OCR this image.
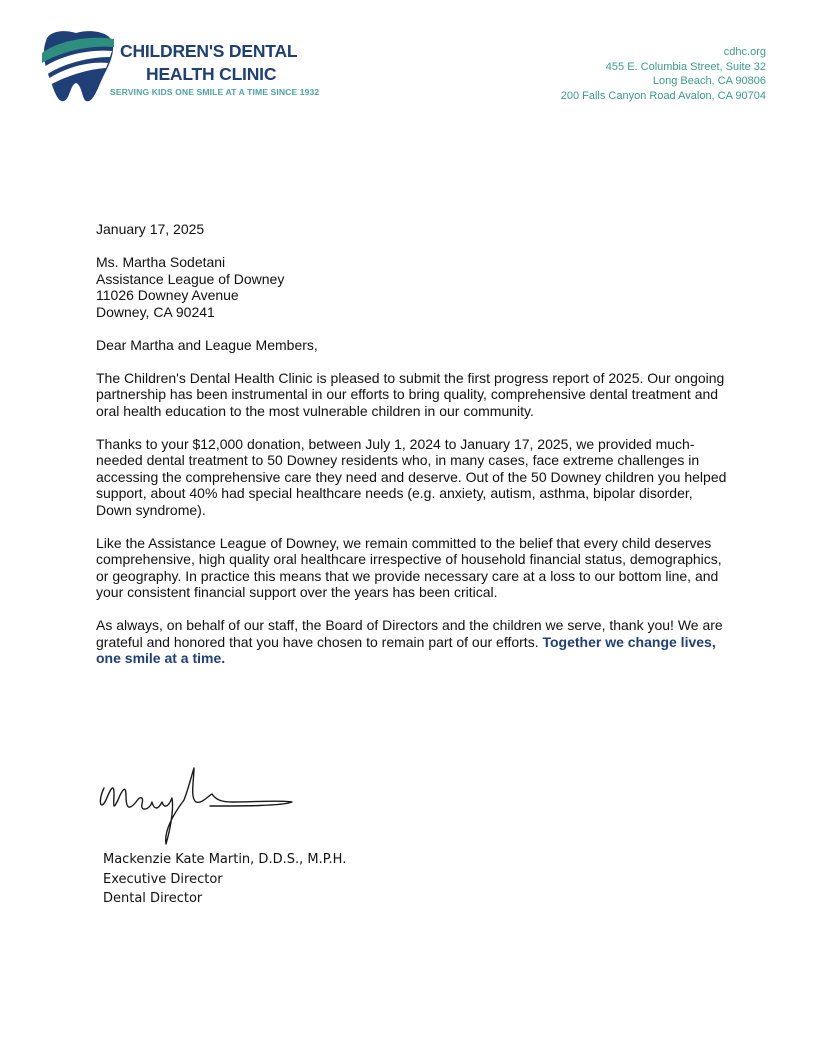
CHILDREN'S DENTAL
HEALTH CLINIC
SERVING KIDS ONE SMILE AT A TIME SINCE 1932
cdhc.org
455 E. Columbia Street, Suite 32
Long Beach, CA 90806
200 Falls Canyon Road Avalon, CA 90704
January 17, 2025

Ms. Martha Sodetani
Assistance League of Downey
11026 Downey Avenue
Downey, CA 90241

Dear Martha and League Members,

The Children's Dental Health Clinic is pleased to submit the first progress report of 2025. Our ongoing partnership has been instrumental in our efforts to bring quality, comprehensive dental treatment and oral health education to the most vulnerable children in our community.

Thanks to your $12,000 donation, between July 1, 2024 to January 17, 2025, we provided much-needed dental treatment to 50 Downey residents who, in many cases, face extreme challenges in accessing the comprehensive care they need and deserve. Out of the 50 Downey children you helped support, about 40% had special healthcare needs (e.g. anxiety, autism, asthma, bipolar disorder, Down syndrome).

Like the Assistance League of Downey, we remain committed to the belief that every child deserves comprehensive, high quality oral healthcare irrespective of household financial status, demographics, or geography. In practice this means that we provide necessary care at a loss to our bottom line, and your consistent financial support over the years has been critical.

As always, on behalf of our staff, the Board of Directors and the children we serve, thank you! We are grateful and honored that you have chosen to remain part of our efforts. Together we change lives, one smile at a time.

Mackenzie Kate Martin, D.D.S., M.P.H.
Executive Director
Dental Director
